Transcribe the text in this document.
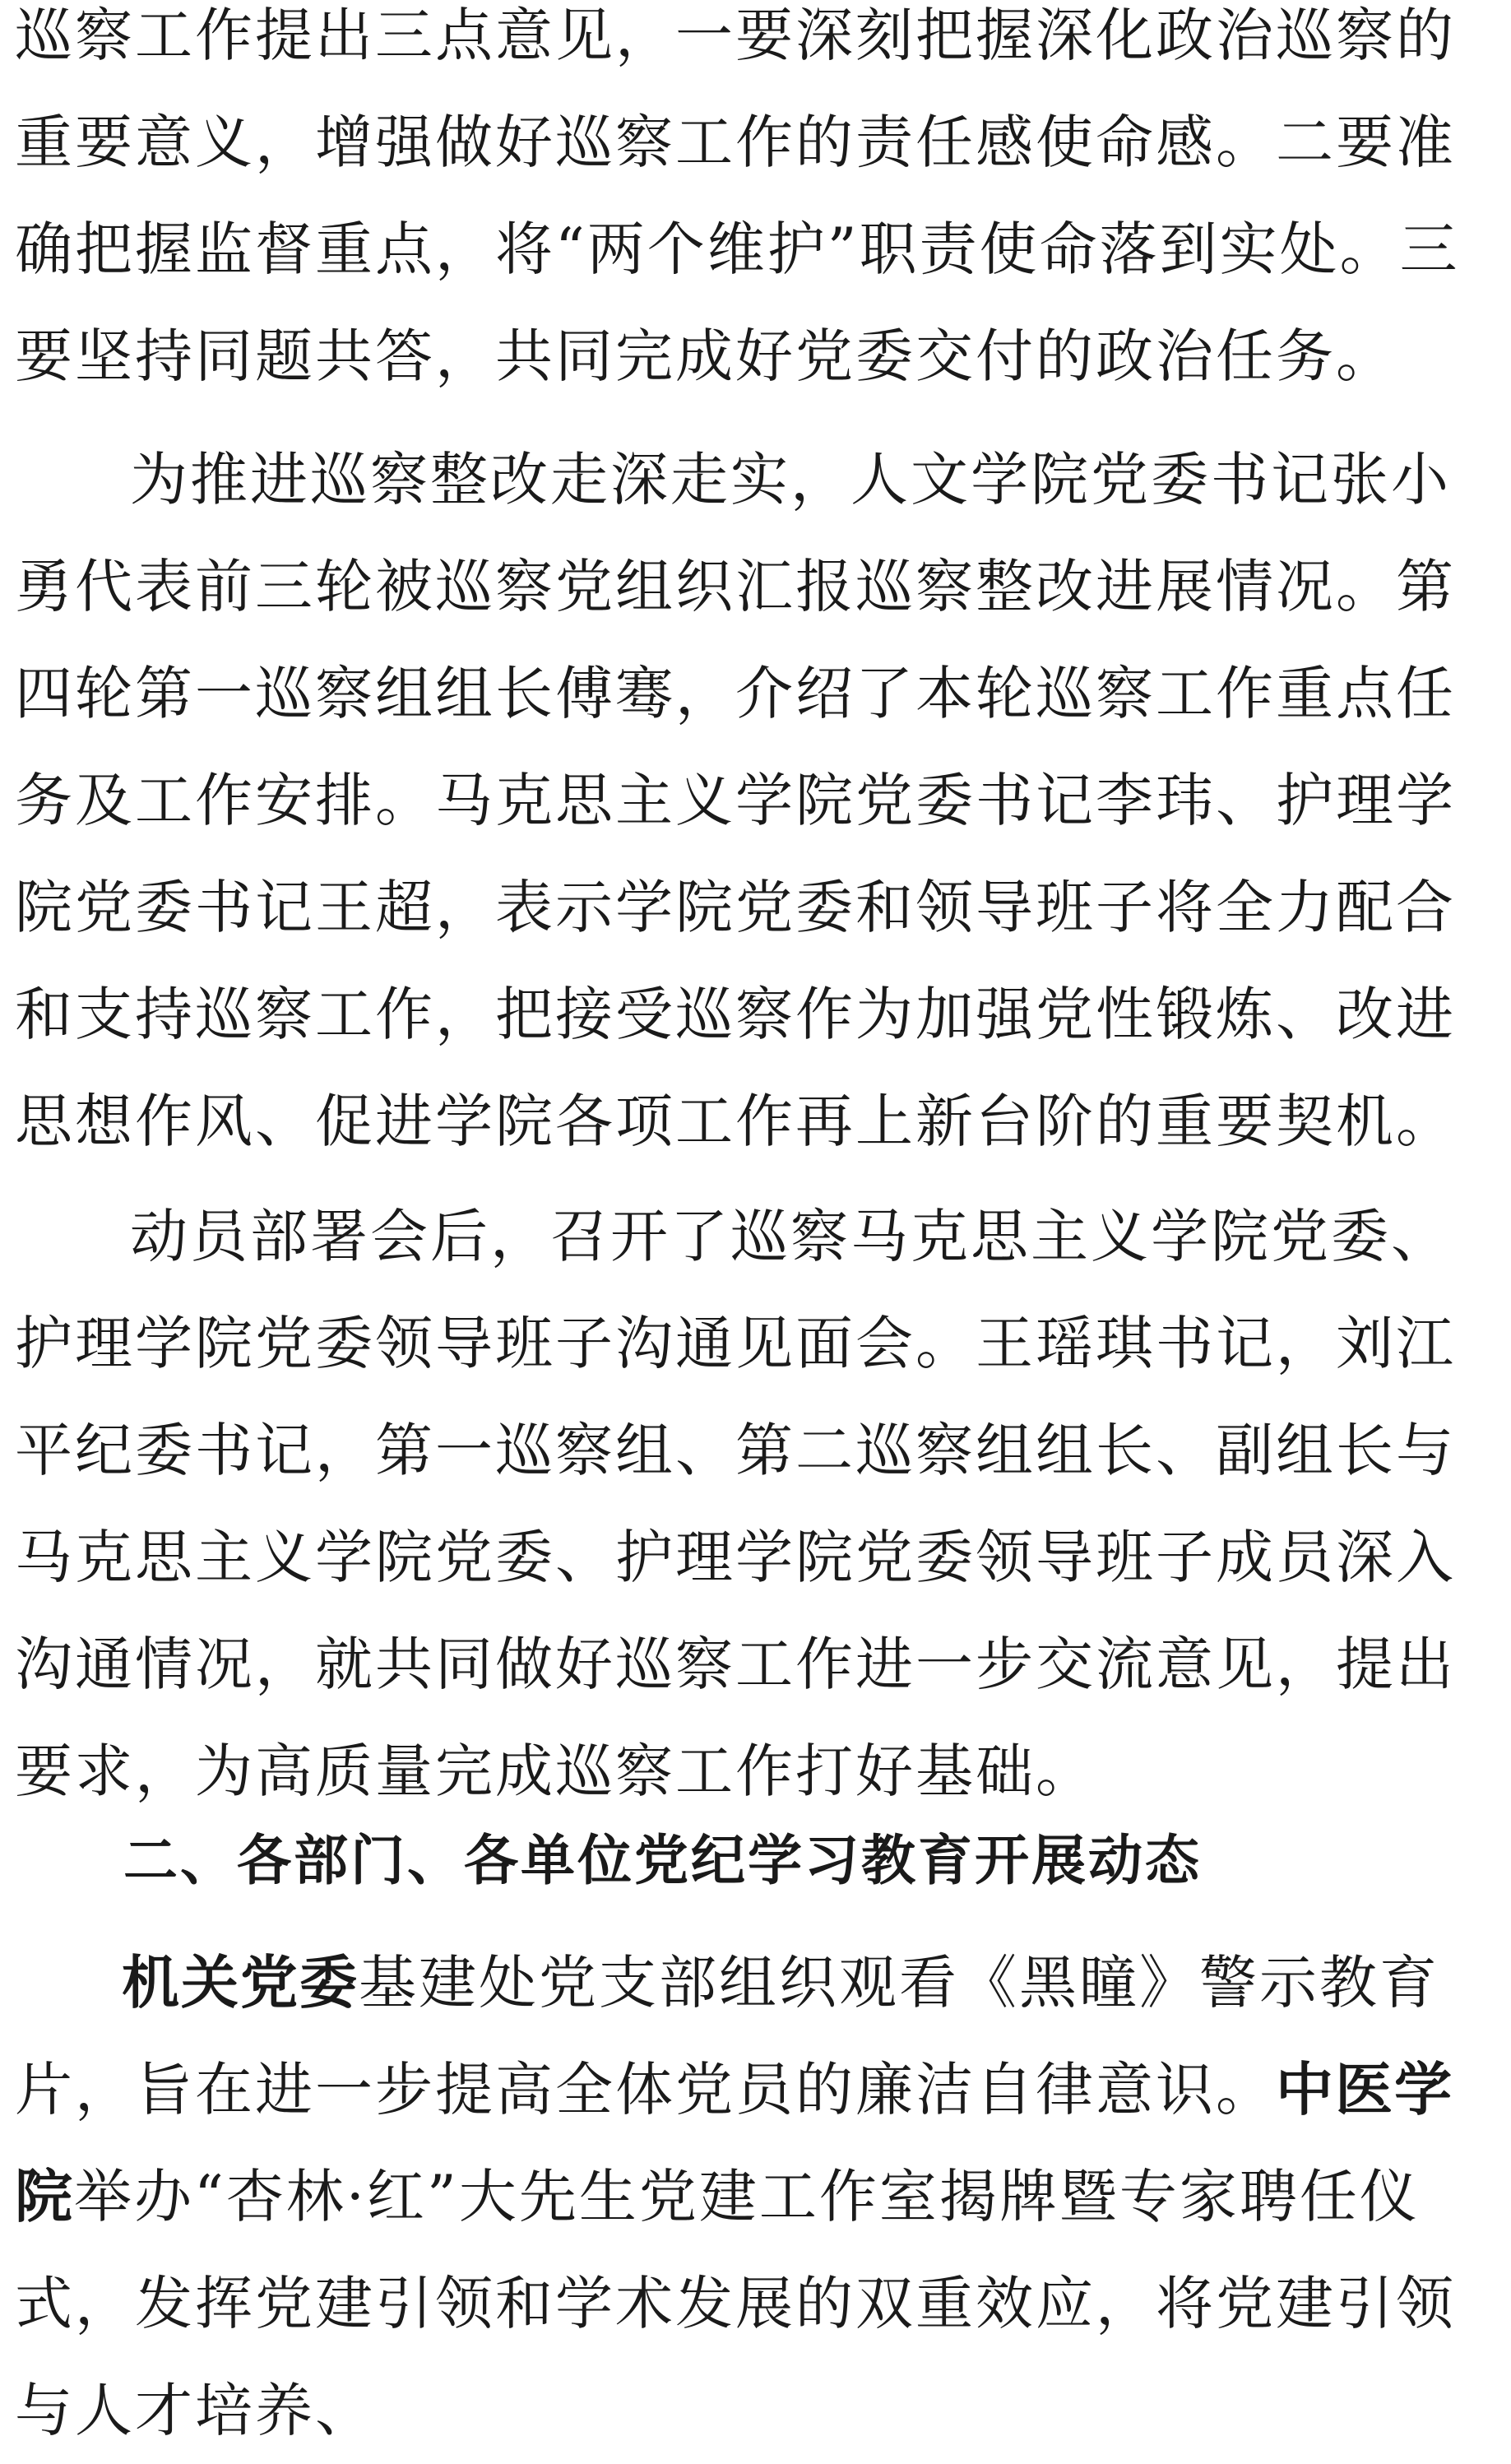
巡察工作提出三点意见，一要深刻把握深化政治巡察的重要意义，增强做好巡察工作的责任感使命感。二要准确把握监督重点，将“两个维护”职责使命落到实处。三要坚持同题共答，共同完成好党委交付的政治任务。

为推进巡察整改走深走实，人文学院党委书记张小勇代表前三轮被巡察党组织汇报巡察整改进展情况。第四轮第一巡察组组长傅骞，介绍了本轮巡察工作重点任务及工作安排。马克思主义学院党委书记李玮、护理学院党委书记王超，表示学院党委和领导班子将全力配合和支持巡察工作，把接受巡察作为加强党性锻炼、改进思想作风、促进学院各项工作再上新台阶的重要契机。

动员部署会后，召开了巡察马克思主义学院党委、护理学院党委领导班子沟通见面会。王瑶琪书记，刘江平纪委书记，第一巡察组、第二巡察组组长、副组长与马克思主义学院党委、护理学院党委领导班子成员深入沟通情况，就共同做好巡察工作进一步交流意见，提出要求，为高质量完成巡察工作打好基础。

二、各部门、各单位党纪学习教育开展动态

机关党委基建处党支部组织观看《黑瞳》警示教育片，旨在进一步提高全体党员的廉洁自律意识。中医学院举办“杏林·红”大先生党建工作室揭牌暨专家聘任仪式，发挥党建引领和学术发展的双重效应，将党建引领与人才培养、
